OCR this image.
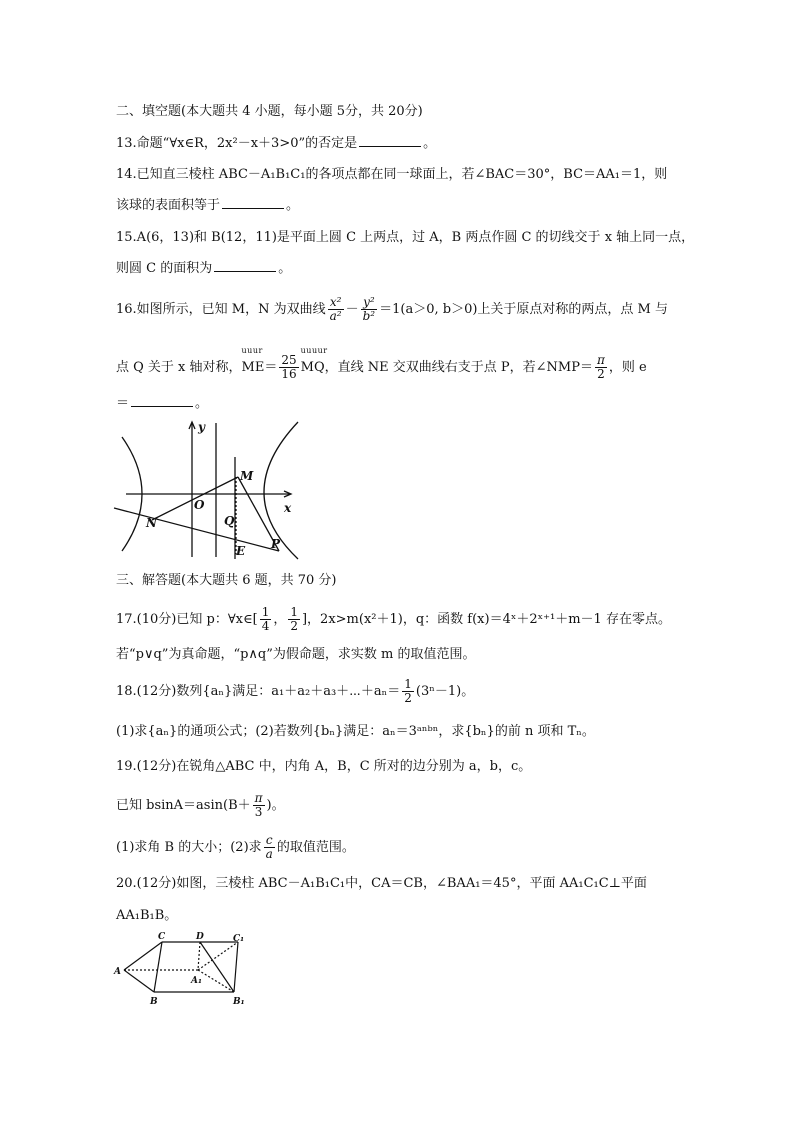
二、填空题(本大题共 4 小题，每小题 5分，共 20分)
13.命题“∀x∈R，2x²－x＋3>0”的否定是	。
14.已知直三棱柱 ABC－A₁B₁C₁的各项点都在同一球面上，若∠BAC＝30°，BC＝AA₁＝1，则
该球的表面积等于	。
15.A(6，13)和 B(12，11)是平面上圆 C 上两点，过 A，B 两点作圆 C 的切线交于 x 轴上同一点，
则圆 C 的面积为	。
16.如图所示，已知 M，N 为双曲线 $\frac{\text{x²}}{\text{a²}} - \frac{\text{y²}}{\text{b²}} =1(a>0$, b＞0)上关于原点对称的两点，点 M 与
点 Q 关于 x 轴对称，
uuur
$ME= \frac{25}{16}$
uuuur
MQ，直线 NE 交双曲线右支于点 P，若∠NMP＝ $\frac{\pi}{2}$ ，则 e
＝	。
y
x
M
O
N	Q
E P
三、解答题(本大题共 6 题，共 70 分)
17.(10分)已知 p：∀x∈[ $\frac{1}{4}$ ， $\frac{1}{2}$ ]，2x>m(x²＋1)，q：函数 f(x)＝4ˣ＋2ˣ⁺¹＋m－1 存在零点。
若“p∨q”为真命题，“p∧q”为假命题，求实数 m 的取值范围。
18.(12分)数列{aₙ}满足：a₁＋a₂＋a₃＋⋯＋aₙ＝ $\frac{1}{2} (3^n-1)$。
(1)求{aₙ}的通项公式；(2)若数列{bₙ}满足：aₙ＝3ᵃⁿᵇⁿ，求{bₙ}的前 n 项和 Tₙ。
19.(12分)在锐角△ABC 中，内角 A，B，C 所对的边分别为 a，b，c。
已知 $bsinA=asin(B+ \frac{\pi}{3}$ )。
(1)求角 B 的大小；(2)求 $\frac{c}{a}$ 的取值范围。
20.(12分)如图，三棱柱 ABC－A₁B₁C₁中，CA＝CB，∠BAA₁＝45°，平面 AA₁C₁C⊥平面
AA₁B₁B。
C	D	C₁
A
A₁
B	B₁
